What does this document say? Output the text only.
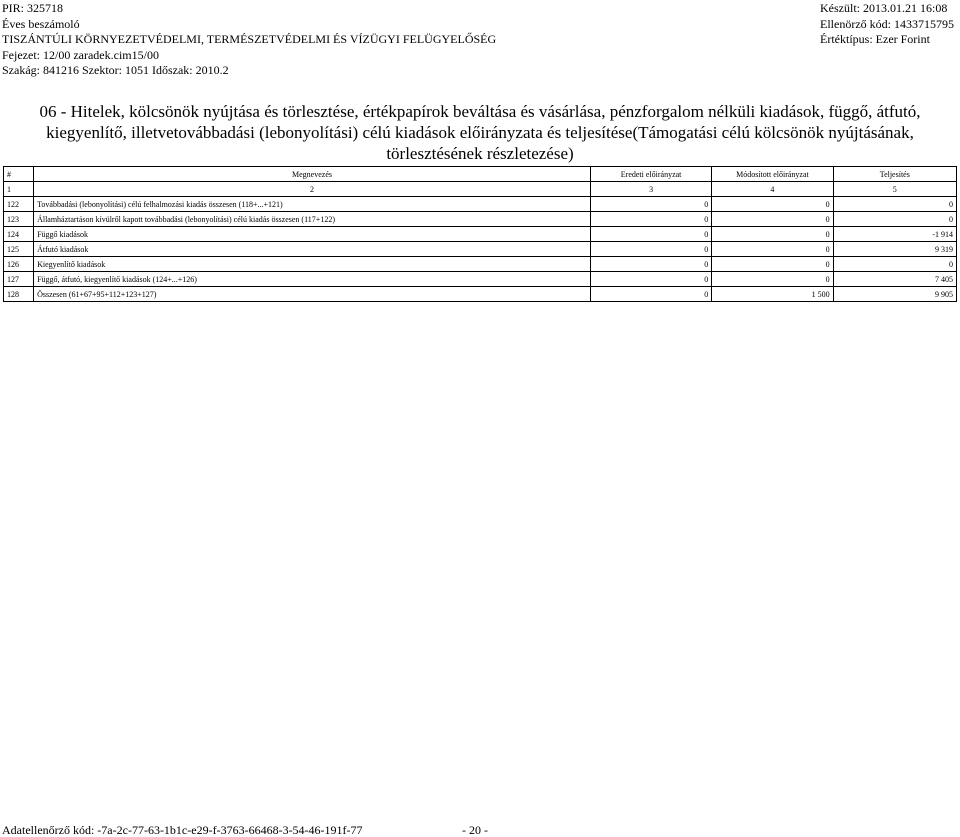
PIR: 325718
Éves beszámoló
TISZÁNTÚLI KÖRNYEZETVÉDELMI, TERMÉSZETVÉDELMI ÉS VÍZÜGYI FELÜGYELŐSÉG
Fejezet: 12/00 zaradek.cim15/00
Szakág: 841216 Szektor: 1051 Időszak: 2010.2
Készült: 2013.01.21 16:08
Ellenörző kód: 1433715795
Értéktípus: Ezer Forint
06 - Hitelek, kölcsönök nyújtása és törlesztése, értékpapírok beváltása és vásárlása, pénzforgalom nélküli kiadások, függő, átfutó, kiegyenlítő, illetvetovábbadási (lebonyolítási) célú kiadások előirányzata és teljesítése(Támogatási célú kölcsönök nyújtásának, törlesztésének részletezése)
#	Megnevezés	Eredeti előirányzat	Módosított előirányzat	Teljesítés
1	2	3	4	5
122	Továbbadási (lebonyolítási) célú felhalmozási kiadás összesen (118+...+121)	0	0	0
123	Államháztartáson kívülről kapott továbbadási (lebonyolítási) célú kiadás összesen (117+122)	0	0	0
124	Függő kiadások	0	0	-1 914
125	Átfutó kiadások	0	0	9 319
126	Kiegyenlítő kiadások	0	0	0
127	Függő, átfutó, kiegyenlítő kiadások (124+...+126)	0	0	7 405
128	Összesen (61+67+95+112+123+127)	0	1 500	9 905
Adatellenőrző kód: -7a-2c-77-63-1b1c-e29-f-3763-66468-3-54-46-191f-77	- 20 -
